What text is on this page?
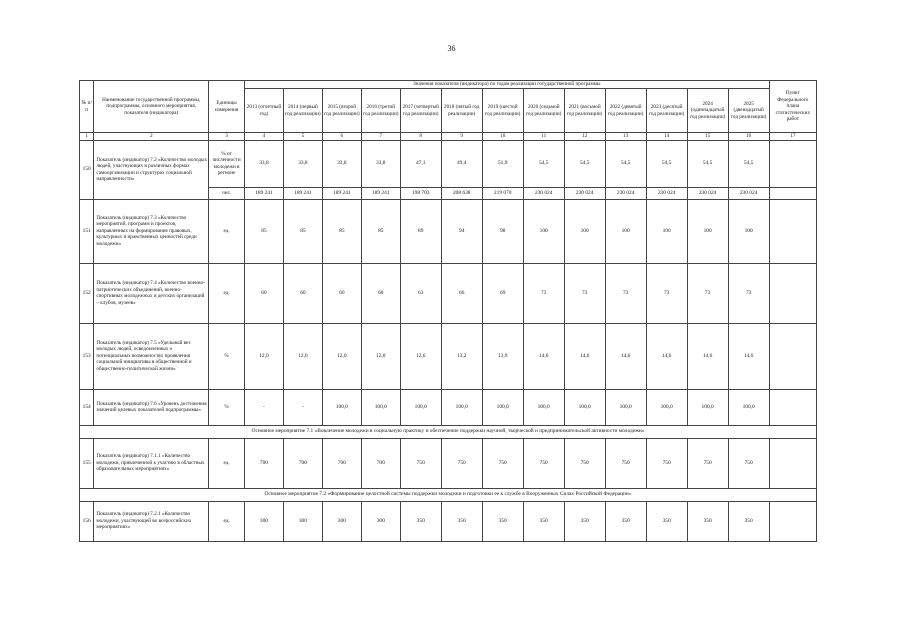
36
№ п/п	Наименование государственной программы, подпрограммы, основного мероприятия, показателя (индикатора)	Единицы измерения	Значения показателя (индикатора) по годам реализации государственной программы													Пункт Федерального плана статистических работ
			2013 (отчетный год)	2014 (первый год реализации)	2015 (второй год реализации)	2016 (третий год реализации)	2017 (четвертый год реализации)	2018 (пятый год реализации)	2019 (шестой год реализации)	2020 (седьмой год реализации)	2021 (восьмой год реализации)	2022 (девятый год реализации)	2023 (десятый год реализации)	2024 (одиннадцатый год реализации)	2025 (двенадцатый год реализации)	
1	2	3	4	5	6	7	8	9	10	11	12	13	14	15	16	17
150	Показатель (индикатор) 7.2 «Количество молодых людей, участвующих в различных формах самоорганизации и структурах социальной направленности»	% от численности молодежи в регионе	33,8	33,8	33,8	33,8	47,1	49,4	51,9	54,5	54,5	54,5	54,5	54,5	54,5	
		чел.	189 241	189 241	189 241	189 241	198 703	208 638	219 070	230 024	230 024	230 024	230 024	230 024	230 024	
151	Показатель (индикатор) 7.3 «Количество мероприятий, программ и проектов, направленных на формирование правовых, культурных и нравственных ценностей среди молодежи»	ед.	85	85	85	85	89	94	98	100	100	100	100	100	100	
152	Показатель (индикатор) 7.4 «Количество военно-патриотических объединений, военно-спортивных молодежных и детских организаций – клубов, музеев»	ед.	60	60	60	60	63	66	69	73	73	73	73	73	73	
153	Показатель (индикатор) 7.5 «Удельный вес молодых людей, осведомленных о потенциальных возможностях проявления социальной инициативы в общественной и общественно-политической жизни»	%	12,0	12,0	12,0	12,0	12,6	13,2	13,9	14,6	14,6	14,6	14,6	14,6	14,6	
154	Показатель (индикатор) 7.6 «Уровень достижения значений целевых показателей подпрограммы»	%	-	-	100,0	100,0	100,0	100,0	100,0	100,0	100,0	100,0	100,0	100,0	100,0	
Основное мероприятие 7.1 «Вовлечение молодежи в социальную практику и обеспечение поддержки научной, творческой и предпринимательской активности молодежи»																
155	Показатель (индикатор) 7.1.1 «Количество молодежи, привлеченной к участию в областных образовательных мероприятиях»	ед.	700	700	700	700	750	750	750	750	750	750	750	750	750	
Основное мероприятие 7.2 «Формирование целостной системы поддержки молодежи и подготовки ее к службе в Вооруженных Силах Российской Федерации»																
156	Показатель (индикатор) 7.2.1 «Количество молодежи, участвующей во всероссийских мероприятиях»	ед.	300	300	300	300	350	350	350	350	350	350	350	350	350	
